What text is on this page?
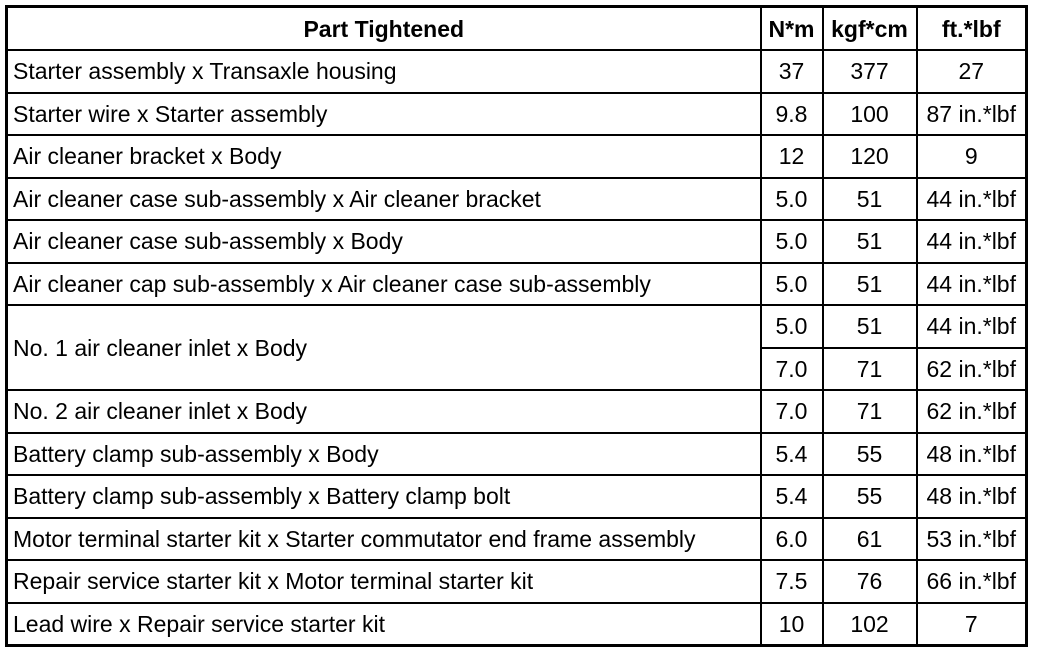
Part Tightened	N*m	kgf*cm	ft.*lbf
Starter assembly x Transaxle housing	37	377	27
Starter wire x Starter assembly	9.8	100	87 in.*lbf
Air cleaner bracket x Body	12	120	9
Air cleaner case sub-assembly x Air cleaner bracket	5.0	51	44 in.*lbf
Air cleaner case sub-assembly x Body	5.0	51	44 in.*lbf
Air cleaner cap sub-assembly x Air cleaner case sub-assembly	5.0	51	44 in.*lbf
No. 1 air cleaner inlet x Body	5.0	51	44 in.*lbf
	7.0	71	62 in.*lbf
No. 2 air cleaner inlet x Body	7.0	71	62 in.*lbf
Battery clamp sub-assembly x Body	5.4	55	48 in.*lbf
Battery clamp sub-assembly x Battery clamp bolt	5.4	55	48 in.*lbf
Motor terminal starter kit x Starter commutator end frame assembly	6.0	61	53 in.*lbf
Repair service starter kit x Motor terminal starter kit	7.5	76	66 in.*lbf
Lead wire x Repair service starter kit	10	102	7
